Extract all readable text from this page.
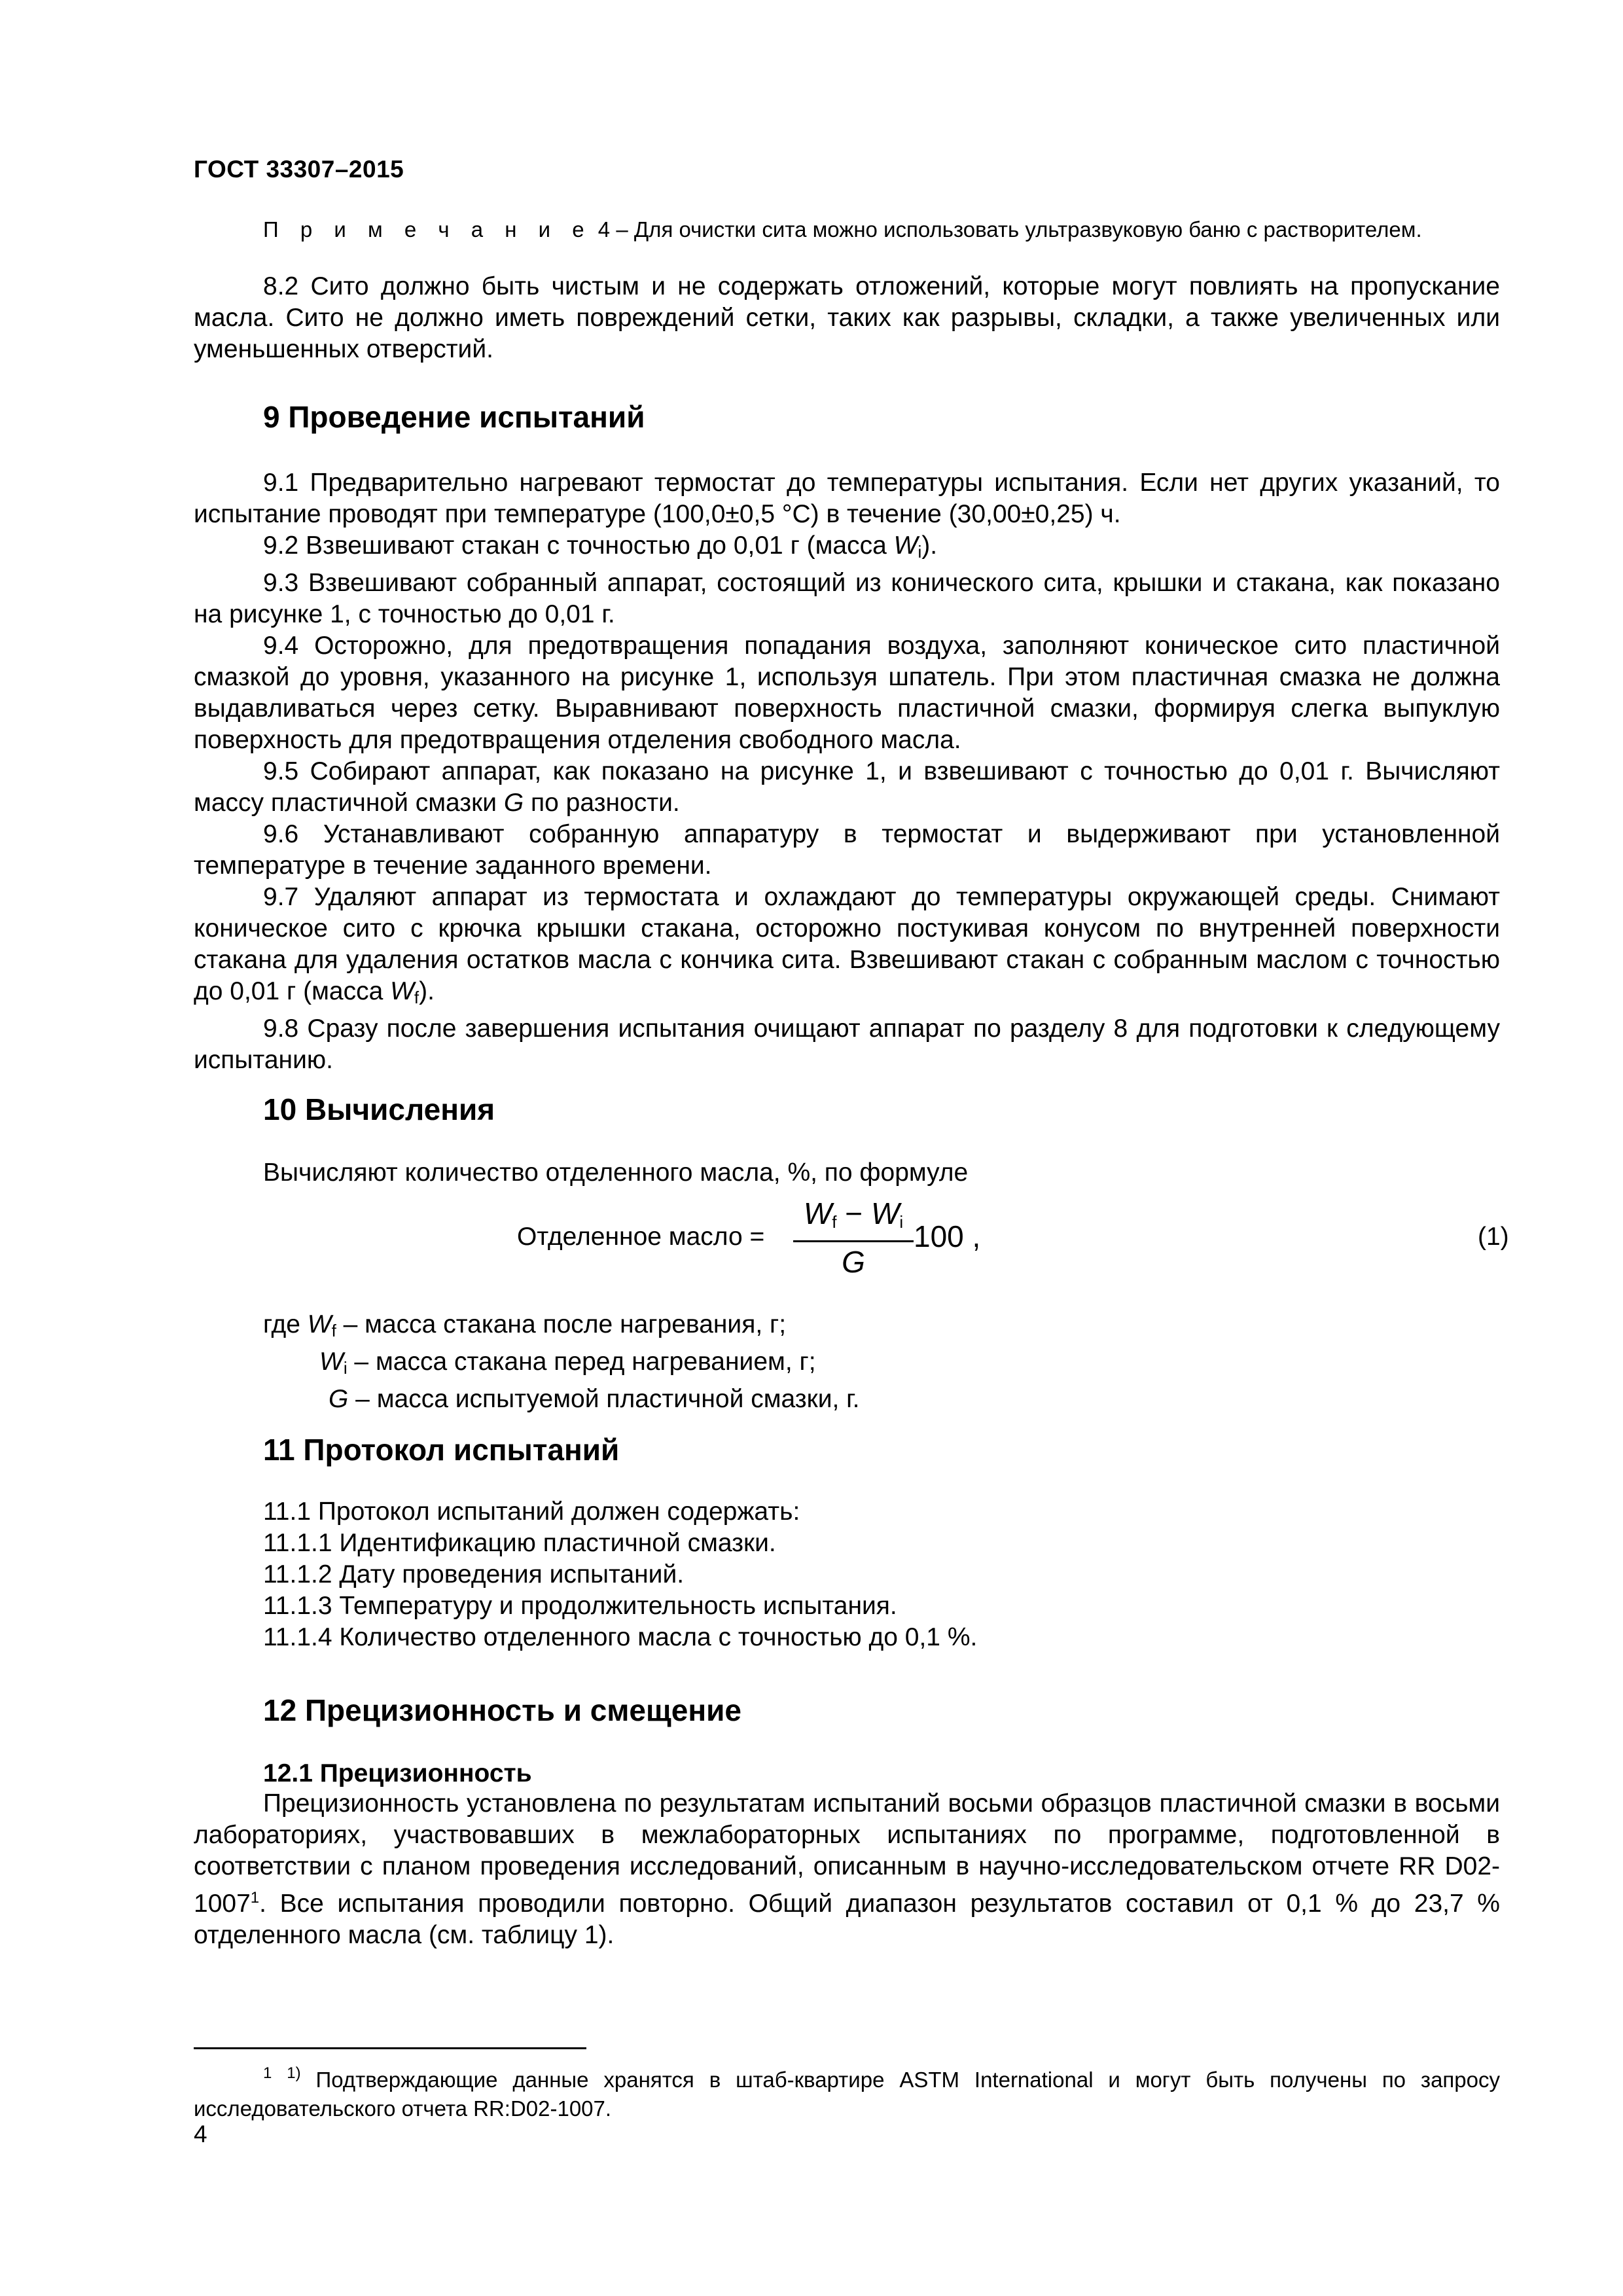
ГОСТ 33307–2015
П р и м е ч а н и е 4 – Для очистки сита можно использовать ультразвуковую баню с растворителем.

8.2 Сито должно быть чистым и не содержать отложений, которые могут повлиять на пропускание масла. Сито не должно иметь повреждений сетки, таких как разрывы, складки, а также увеличенных или уменьшенных отверстий.

9 Проведение испытаний

9.1 Предварительно нагревают термостат до температуры испытания. Если нет других указаний, то испытание проводят при температуре (100,0±0,5 °С) в течение (30,00±0,25) ч.

9.2 Взвешивают стакан с точностью до 0,01 г (масса $W_i$).

9.3 Взвешивают собранный аппарат, состоящий из конического сита, крышки и стакана, как показано на рисунке 1, с точностью до 0,01 г.

9.4 Осторожно, для предотвращения попадания воздуха, заполняют коническое сито пластичной смазкой до уровня, указанного на рисунке 1, используя шпатель. При этом пластичная смазка не должна выдавливаться через сетку. Выравнивают поверхность пластичной смазки, формируя слегка выпуклую поверхность для предотвращения отделения свободного масла.

9.5 Собирают аппарат, как показано на рисунке 1, и взвешивают с точностью до 0,01 г. Вычисляют массу пластичной смазки G по разности.

9.6 Устанавливают собранную аппаратуру в термостат и выдерживают при установленной температуре в течение заданного времени.

9.7 Удаляют аппарат из термостата и охлаждают до температуры окружающей среды. Снимают коническое сито с крючка крышки стакана, осторожно постукивая конусом по внутренней поверхности стакана для удаления остатков масла с кончика сита. Взвешивают стакан с собранным маслом с точностью до 0,01 г (масса $W_f$).

9.8 Сразу после завершения испытания очищают аппарат по разделу 8 для подготовки к следующему испытанию.

10 Вычисления
Вычисляют количество отделенного масла, %, по формуле
Отделенное масло =
$W_f - W_i$
G
100 ,	(1)
где $W_f$ – масса стакана после нагревания, г;
$W_i$ – масса стакана перед нагреванием, г;
G – масса испытуемой пластичной смазки, г.
11 Протокол испытаний
11.1 Протокол испытаний должен содержать:
11.1.1 Идентификацию пластичной смазки.
11.1.2 Дату проведения испытаний.
11.1.3 Температуру и продолжительность испытания.
11.1.4 Количество отделенного масла с точностью до 0,1 %.
12 Прецизионность и смещение
12.1 Прецизионность

Прецизионность установлена по результатам испытаний восьми образцов пластичной смазки в восьми лабораториях, участвовавших в межлабораторных испытаниях по программе, подготовленной в соответствии с планом проведения исследований, описанным в научно-исследовательском отчете RR D02-1007$^1$. Все испытания проводили повторно. Общий диапазон результатов составил от 0,1 % до 23,7 % отделенного масла (см. таблицу 1).

$^1$ $^{1)}$ Подтверждающие данные хранятся в штаб-квартире ASTM International и могут быть получены по запросу исследовательского отчета RR:D02-1007.

4
